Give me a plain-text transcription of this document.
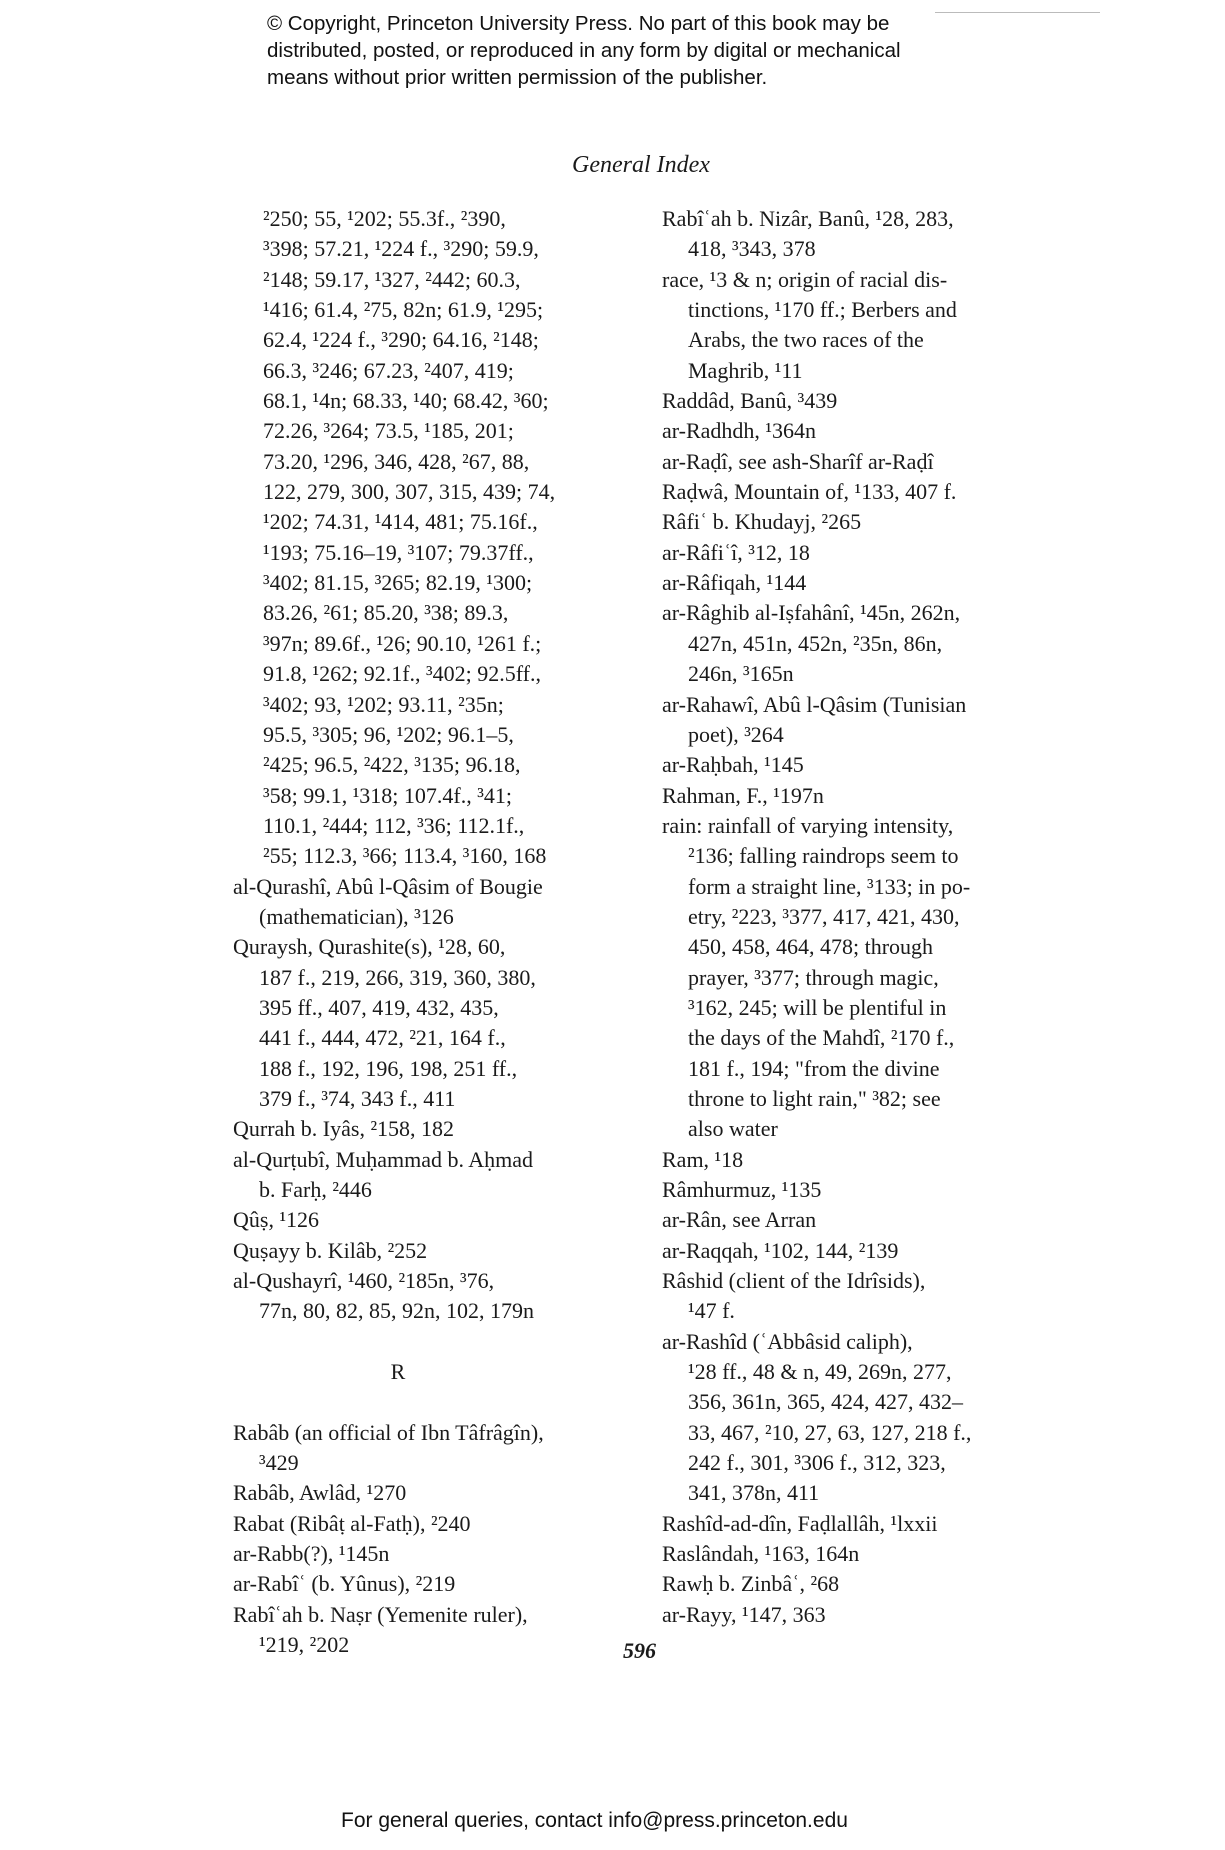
© Copyright, Princeton University Press. No part of this book may be
distributed, posted, or reproduced in any form by digital or mechanical
means without prior written permission of the publisher.
General Index
²250; 55, ¹202; 55.3f., ²390,
³398; 57.21, ¹224 f., ³290; 59.9,
²148; 59.17, ¹327, ²442; 60.3,
¹416; 61.4, ²75, 82n; 61.9, ¹295;
62.4, ¹224 f., ³290; 64.16, ²148;
66.3, ³246; 67.23, ²407, 419;
68.1, ¹4n; 68.33, ¹40; 68.42, ³60;
72.26, ³264; 73.5, ¹185, 201;
73.20, ¹296, 346, 428, ²67, 88,
122, 279, 300, 307, 315, 439; 74,
¹202; 74.31, ¹414, 481; 75.16f.,
¹193; 75.16–19, ³107; 79.37ff.,
³402; 81.15, ³265; 82.19, ¹300;
83.26, ²61; 85.20, ³38; 89.3,
³97n; 89.6f., ¹26; 90.10, ¹261 f.;
91.8, ¹262; 92.1f., ³402; 92.5ff.,
³402; 93, ¹202; 93.11, ²35n;
95.5, ³305; 96, ¹202; 96.1–5,
²425; 96.5, ²422, ³135; 96.18,
³58; 99.1, ¹318; 107.4f., ³41;
110.1, ²444; 112, ³36; 112.1f.,
²55; 112.3, ³66; 113.4, ³160, 168
al-Qurashî, Abû l-Qâsim of Bougie
(mathematician), ³126
Quraysh, Qurashite(s), ¹28, 60,
187 f., 219, 266, 319, 360, 380,
395 ff., 407, 419, 432, 435,
441 f., 444, 472, ²21, 164 f.,
188 f., 192, 196, 198, 251 ff.,
379 f., ³74, 343 f., 411
Qurrah b. Iyâs, ²158, 182
al-Qurṭubî, Muḥammad b. Aḥmad
b. Farḥ, ²446
Qûṣ, ¹126
Quṣayy b. Kilâb, ²252
al-Qushayrî, ¹460, ²185n, ³76,
77n, 80, 82, 85, 92n, 102, 179n
R
Rabâb (an official of Ibn Tâfrâgîn),
³429
Rabâb, Awlâd, ¹270
Rabat (Ribâṭ al-Fatḥ), ²240
ar-Rabb(?), ¹145n
ar-Rabîʿ (b. Yûnus), ²219
Rabîʿah b. Naṣr (Yemenite ruler),
¹219, ²202
Rabîʿah b. Nizâr, Banû, ¹28, 283,
418, ³343, 378
race, ¹3 & n; origin of racial dis-
tinctions, ¹170 ff.; Berbers and
Arabs, the two races of the
Maghrib, ¹11
Raddâd, Banû, ³439
ar-Radhdh, ¹364n
ar-Raḍî, see ash-Sharîf ar-Raḍî
Raḍwâ, Mountain of, ¹133, 407 f.
Râfiʿ b. Khudayj, ²265
ar-Râfiʿî, ³12, 18
ar-Râfiqah, ¹144
ar-Râghib al-Iṣfahânî, ¹45n, 262n,
427n, 451n, 452n, ²35n, 86n,
246n, ³165n
ar-Rahawî, Abû l-Qâsim (Tunisian
poet), ³264
ar-Raḥbah, ¹145
Rahman, F., ¹197n
rain: rainfall of varying intensity,
²136; falling raindrops seem to
form a straight line, ³133; in po-
etry, ²223, ³377, 417, 421, 430,
450, 458, 464, 478; through
prayer, ³377; through magic,
³162, 245; will be plentiful in
the days of the Mahdî, ²170 f.,
181 f., 194; "from the divine
throne to light rain," ³82; see
also water
Ram, ¹18
Râmhurmuz, ¹135
ar-Rân, see Arran
ar-Raqqah, ¹102, 144, ²139
Râshid (client of the Idrîsids),
¹47 f.
ar-Rashîd (ʿAbbâsid caliph),
¹28 ff., 48 & n, 49, 269n, 277,
356, 361n, 365, 424, 427, 432–
33, 467, ²10, 27, 63, 127, 218 f.,
242 f., 301, ³306 f., 312, 323,
341, 378n, 411
Rashîd-ad-dîn, Faḍlallâh, ¹lxxii
Raslândah, ¹163, 164n
Rawḥ b. Zinbâʿ, ²68
ar-Rayy, ¹147, 363
596
For general queries, contact info@press.princeton.edu
